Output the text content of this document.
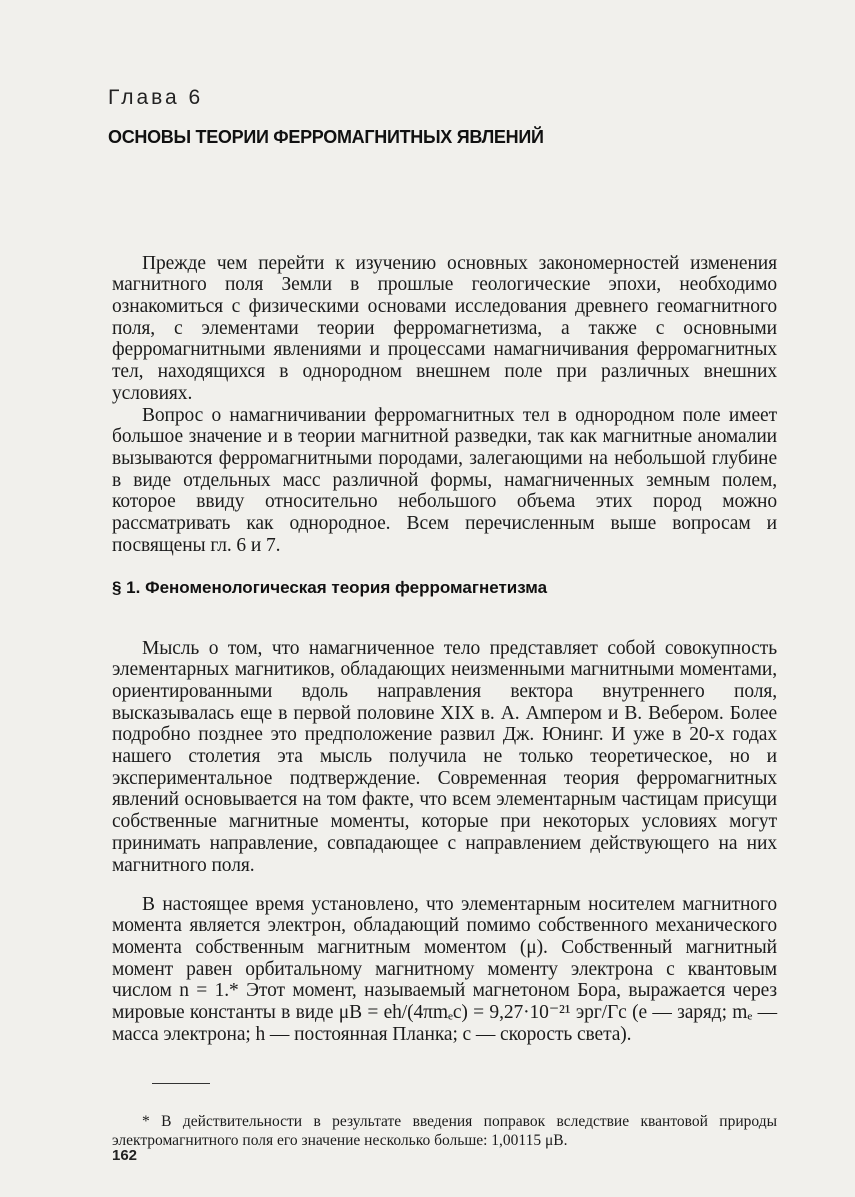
Глава 6
ОСНОВЫ ТЕОРИИ ФЕРРОМАГНИТНЫХ ЯВЛЕНИЙ

Прежде чем перейти к изучению основных закономерностей изменения магнитного поля Земли в прошлые геологические эпохи, необходимо ознакомиться с физическими основами исследования древнего геомагнитного поля, с элементами теории ферромагнетизма, а также с основными ферромагнитными явлениями и процессами намагничивания ферромагнитных тел, находящихся в однородном внешнем поле при различных внешних условиях.

Вопрос о намагничивании ферромагнитных тел в однородном поле имеет большое значение и в теории магнитной разведки, так как магнитные аномалии вызываются ферромагнитными породами, залегающими на небольшой глубине в виде отдельных масс различной формы, намагниченных земным полем, которое ввиду относительно небольшого объема этих пород можно рассматривать как однородное. Всем перечисленным выше вопросам и посвящены гл. 6 и 7.

§ 1. Феноменологическая теория ферромагнетизма

Мысль о том, что намагниченное тело представляет собой совокупность элементарных магнитиков, обладающих неизменными магнитными моментами, ориентированными вдоль направления вектора внутреннего поля, высказывалась еще в первой половине XIX в. А. Ампером и В. Вебером. Более подробно позднее это предположение развил Дж. Юнинг. И уже в 20-х годах нашего столетия эта мысль получила не только теоретическое, но и экспериментальное подтверждение. Современная теория ферромагнитных явлений основывается на том факте, что всем элементарным частицам присущи собственные магнитные моменты, которые при некоторых условиях могут принимать направление, совпадающее с направлением действующего на них магнитного поля.

В настоящее время установлено, что элементарным носителем магнитного момента является электрон, обладающий помимо собственного механического момента собственным магнитным моментом (μ). Собственный магнитный момент равен орбитальному магнитному моменту электрона с квантовым числом n = 1.* Этот момент, называемый магнетоном Бора, выражается через мировые константы в виде μB = eh/(4πmₑc) = 9,27·10⁻²¹ эрг/Гс (e — заряд; mₑ — масса электрона; h — постоянная Планка; c — скорость света).

* В действительности в результате введения поправок вследствие квантовой природы электромагнитного поля его значение несколько больше: 1,00115 μB.

162
